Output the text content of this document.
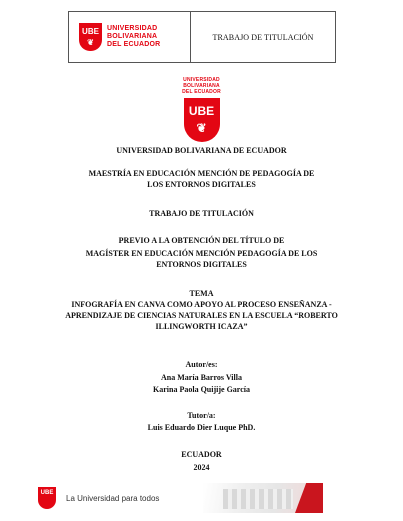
UBE
❦
UNIVERSIDAD
BOLIVARIANA
DEL ECUADOR
TRABAJO DE TITULACIÓN
UNIVERSIDAD
BOLIVARIANA
DEL ECUADOR
UBE
❦
UNIVERSIDAD BOLIVARIANA DE ECUADOR
MAESTRÍA EN EDUCACIÓN MENCIÓN DE PEDAGOGÍA DE LOS ENTORNOS DIGITALES
TRABAJO DE TITULACIÓN
PREVIO A LA OBTENCIÓN DEL TÍTULO DE
MAGÍSTER EN EDUCACIÓN MENCIÓN PEDAGOGÍA DE LOS ENTORNOS DIGITALES
TEMA
INFOGRAFÍA EN CANVA COMO APOYO AL PROCESO ENSEÑANZA - APRENDIZAJE DE CIENCIAS NATURALES EN LA ESCUELA “ROBERTO ILLINGWORTH ICAZA”
Autor/es:
Ana María Barros Villa
Karina Paola Quijije García
Tutor/a:
Luis Eduardo Dier Luque PhD.
ECUADOR
2024
UBE
La Universidad para todos
